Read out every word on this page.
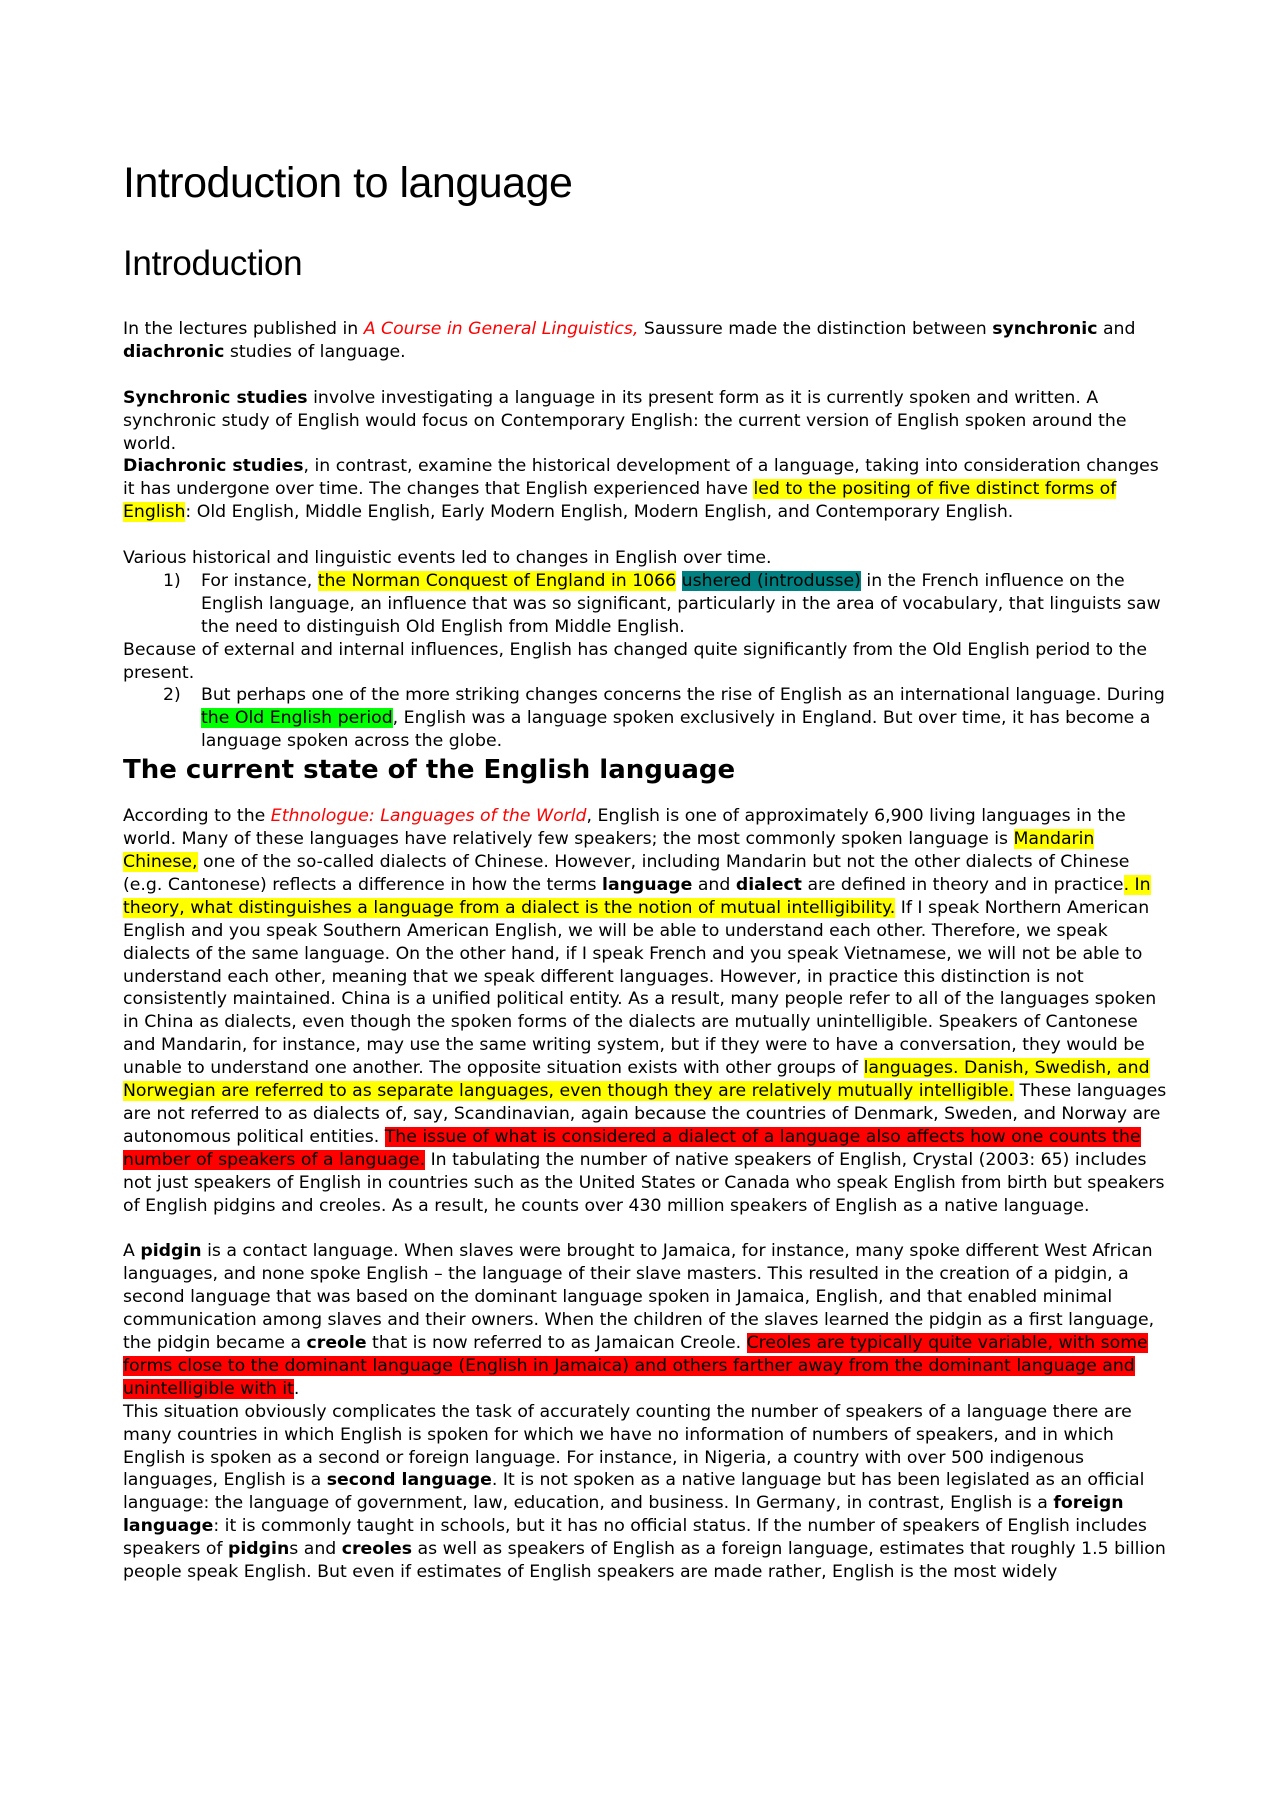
Introduction to language
Introduction

In the lectures published in A Course in General Linguistics, Saussure made the distinction between synchronic and diachronic studies of language.

Synchronic studies involve investigating a language in its present form as it is currently spoken and written. A synchronic study of English would focus on Contemporary English: the current version of English spoken around the world.

Diachronic studies, in contrast, examine the historical development of a language, taking into consideration changes it has undergone over time. The changes that English experienced have led to the positing of five distinct forms of English: Old English, Middle English, Early Modern English, Modern English, and Contemporary English.

Various historical and linguistic events led to changes in English over time.

1) For instance, the Norman Conquest of England in 1066 ushered (introdusse) in the French influence on the English language, an influence that was so significant, particularly in the area of vocabulary, that linguists saw the need to distinguish Old English from Middle English.

Because of external and internal influences, English has changed quite significantly from the Old English period to the present.

2) But perhaps one of the more striking changes concerns the rise of English as an international language. During the Old English period, English was a language spoken exclusively in England. But over time, it has become a language spoken across the globe.
The current state of the English language

According to the Ethnologue: Languages of the World, English is one of approximately 6,900 living languages in the world. Many of these languages have relatively few speakers; the most commonly spoken language is Mandarin Chinese, one of the so-called dialects of Chinese. However, including Mandarin but not the other dialects of Chinese (e.g. Cantonese) reflects a difference in how the terms language and dialect are defined in theory and in practice. In theory, what distinguishes a language from a dialect is the notion of mutual intelligibility. If I speak Northern American English and you speak Southern American English, we will be able to understand each other. Therefore, we speak dialects of the same language. On the other hand, if I speak French and you speak Vietnamese, we will not be able to understand each other, meaning that we speak different languages. However, in practice this distinction is not consistently maintained. China is a unified political entity. As a result, many people refer to all of the languages spoken in China as dialects, even though the spoken forms of the dialects are mutually unintelligible. Speakers of Cantonese and Mandarin, for instance, may use the same writing system, but if they were to have a conversation, they would be unable to understand one another. The opposite situation exists with other groups of languages. Danish, Swedish, and Norwegian are referred to as separate languages, even though they are relatively mutually intelligible. These languages are not referred to as dialects of, say, Scandinavian, again because the countries of Denmark, Sweden, and Norway are autonomous political entities. The issue of what is considered a dialect of a language also affects how one counts the number of speakers of a language. In tabulating the number of native speakers of English, Crystal (2003: 65) includes not just speakers of English in countries such as the United States or Canada who speak English from birth but speakers of English pidgins and creoles. As a result, he counts over 430 million speakers of English as a native language.

A pidgin is a contact language. When slaves were brought to Jamaica, for instance, many spoke different West African languages, and none spoke English – the language of their slave masters. This resulted in the creation of a pidgin, a second language that was based on the dominant language spoken in Jamaica, English, and that enabled minimal communication among slaves and their owners. When the children of the slaves learned the pidgin as a first language, the pidgin became a creole that is now referred to as Jamaican Creole. Creoles are typically quite variable, with some forms close to the dominant language (English in Jamaica) and others farther away from the dominant language and unintelligible with it.

This situation obviously complicates the task of accurately counting the number of speakers of a language there are many countries in which English is spoken for which we have no information of numbers of speakers, and in which English is spoken as a second or foreign language. For instance, in Nigeria, a country with over 500 indigenous languages, English is a second language. It is not spoken as a native language but has been legislated as an official language: the language of government, law, education, and business. In Germany, in contrast, English is a foreign language: it is commonly taught in schools, but it has no official status. If the number of speakers of English includes speakers of pidgins and creoles as well as speakers of English as a foreign language, estimates that roughly 1.5 billion people speak English. But even if estimates of English speakers are made rather, English is the most widely
